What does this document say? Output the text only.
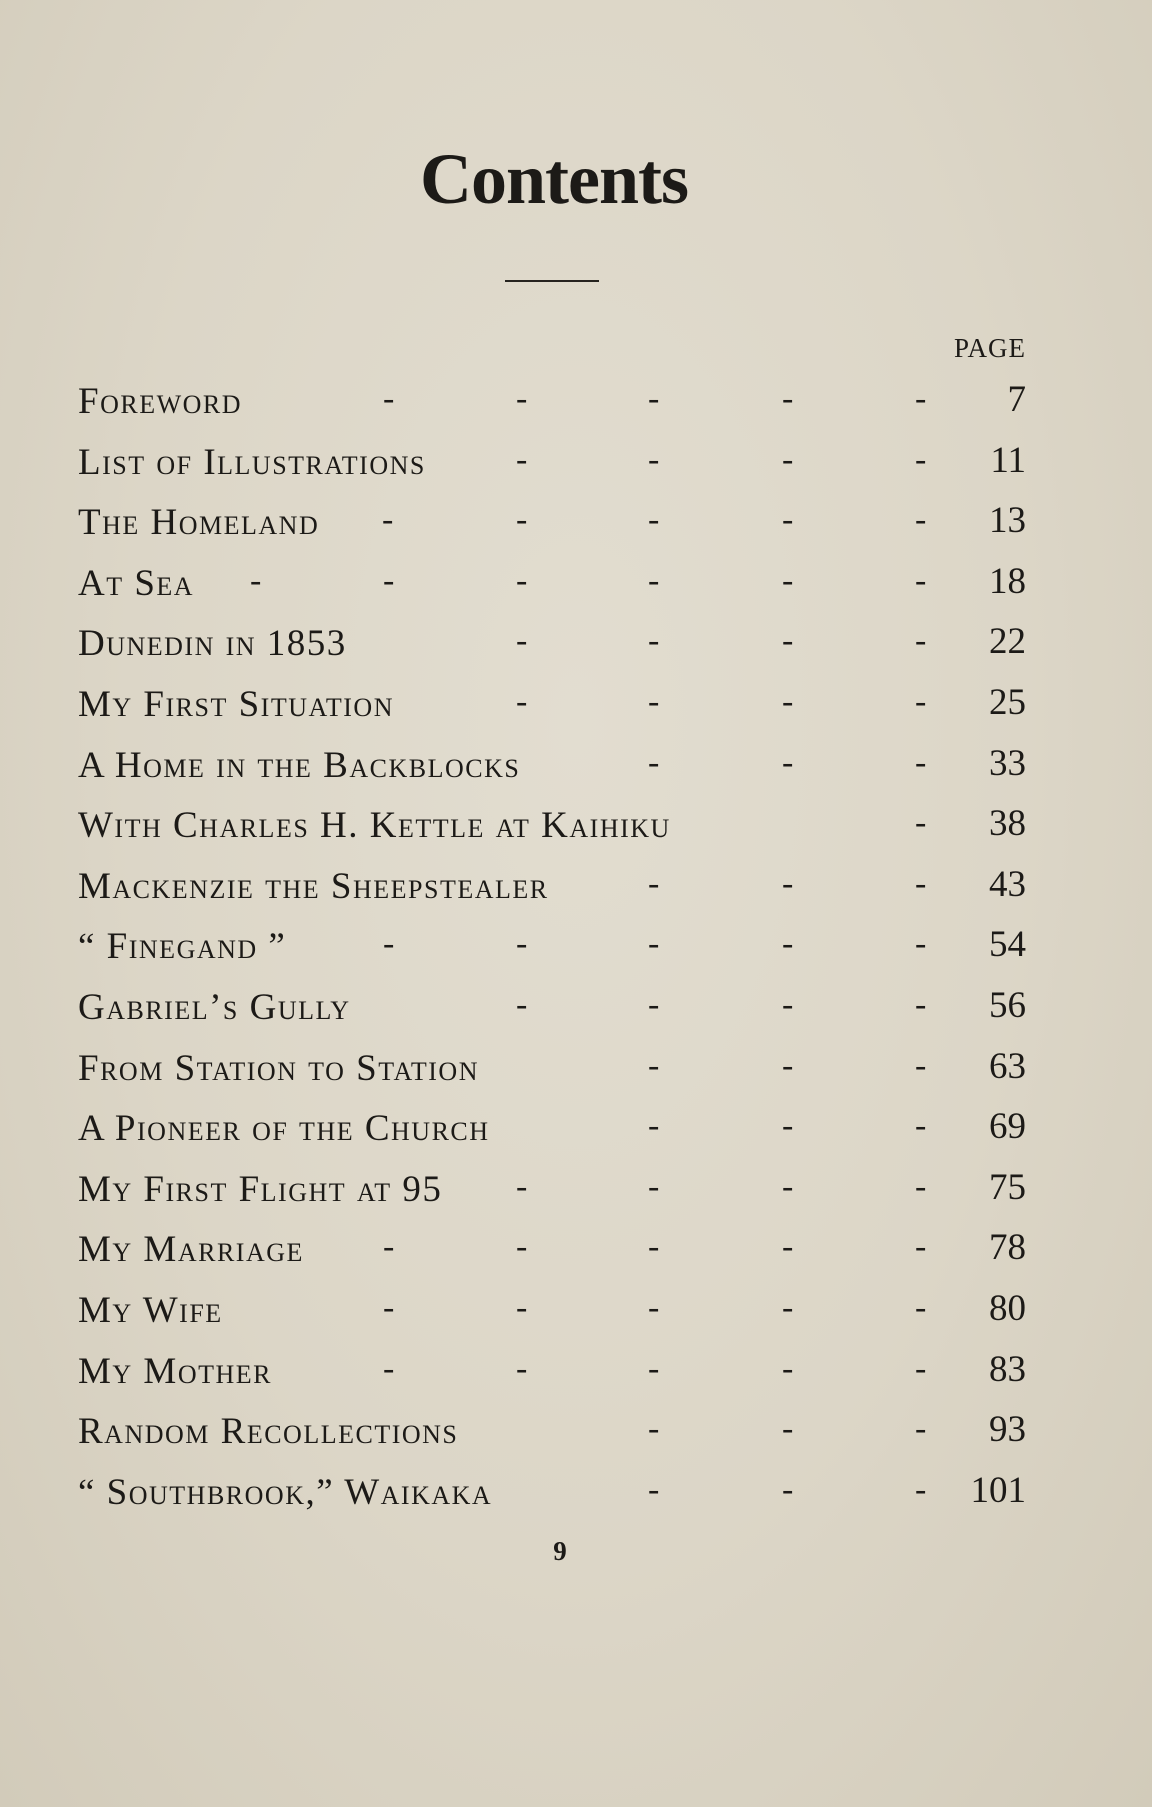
Contents
PAGE
Foreword	-	-	-	-	- 7
List of Illustrations	-	-	-	- 11
The Homeland -	-	-	-	- 13
At Sea -	-	-	-	-	- 18
Dunedin in 1853	-	-	-	- 22
My First Situation	-	-	-	- 25
A Home in the Backblocks	-	-	- 33
With Charles H. Kettle at Kaihiku	- 38
Mackenzie the Sheepstealer	-	-	- 43
“ Finegand ”	-	-	-	-	- 54
Gabriel’s Gully	-	-	-	- 56
From Station to Station	-	-	- 63
A Pioneer of the Church	-	-	- 69
My First Flight at 95 -	-	-	- 75
My Marriage -	-	-	-	- 78
My Wife	-	-	-	-	- 80
My Mother	-	-	-	-	- 83
Random Recollections	-	-	- 93
“ Southbrook,” Waikaka	-	-	- 101
9
